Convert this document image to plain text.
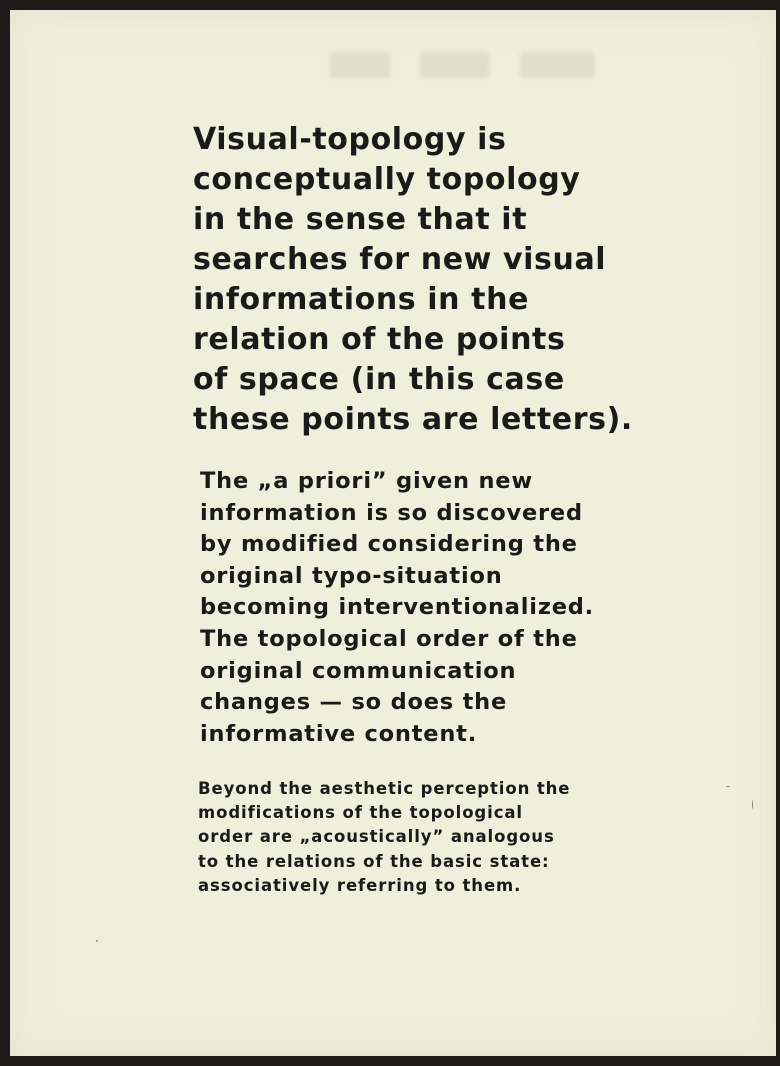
Visual-topology is
conceptually topology
in the sense that it
searches for new visual
informations in the
relation of the points
of space (in this case
these points are letters).
The „a priori” given new
information is so discovered
by modified considering the
original typo-situation
becoming interventionalized.
The topological order of the
original communication
changes — so does the
informative content.
Beyond the aesthetic perception the
modifications of the topological
order are „acoustically” analogous
to the relations of the basic state:
associatively referring to them.
